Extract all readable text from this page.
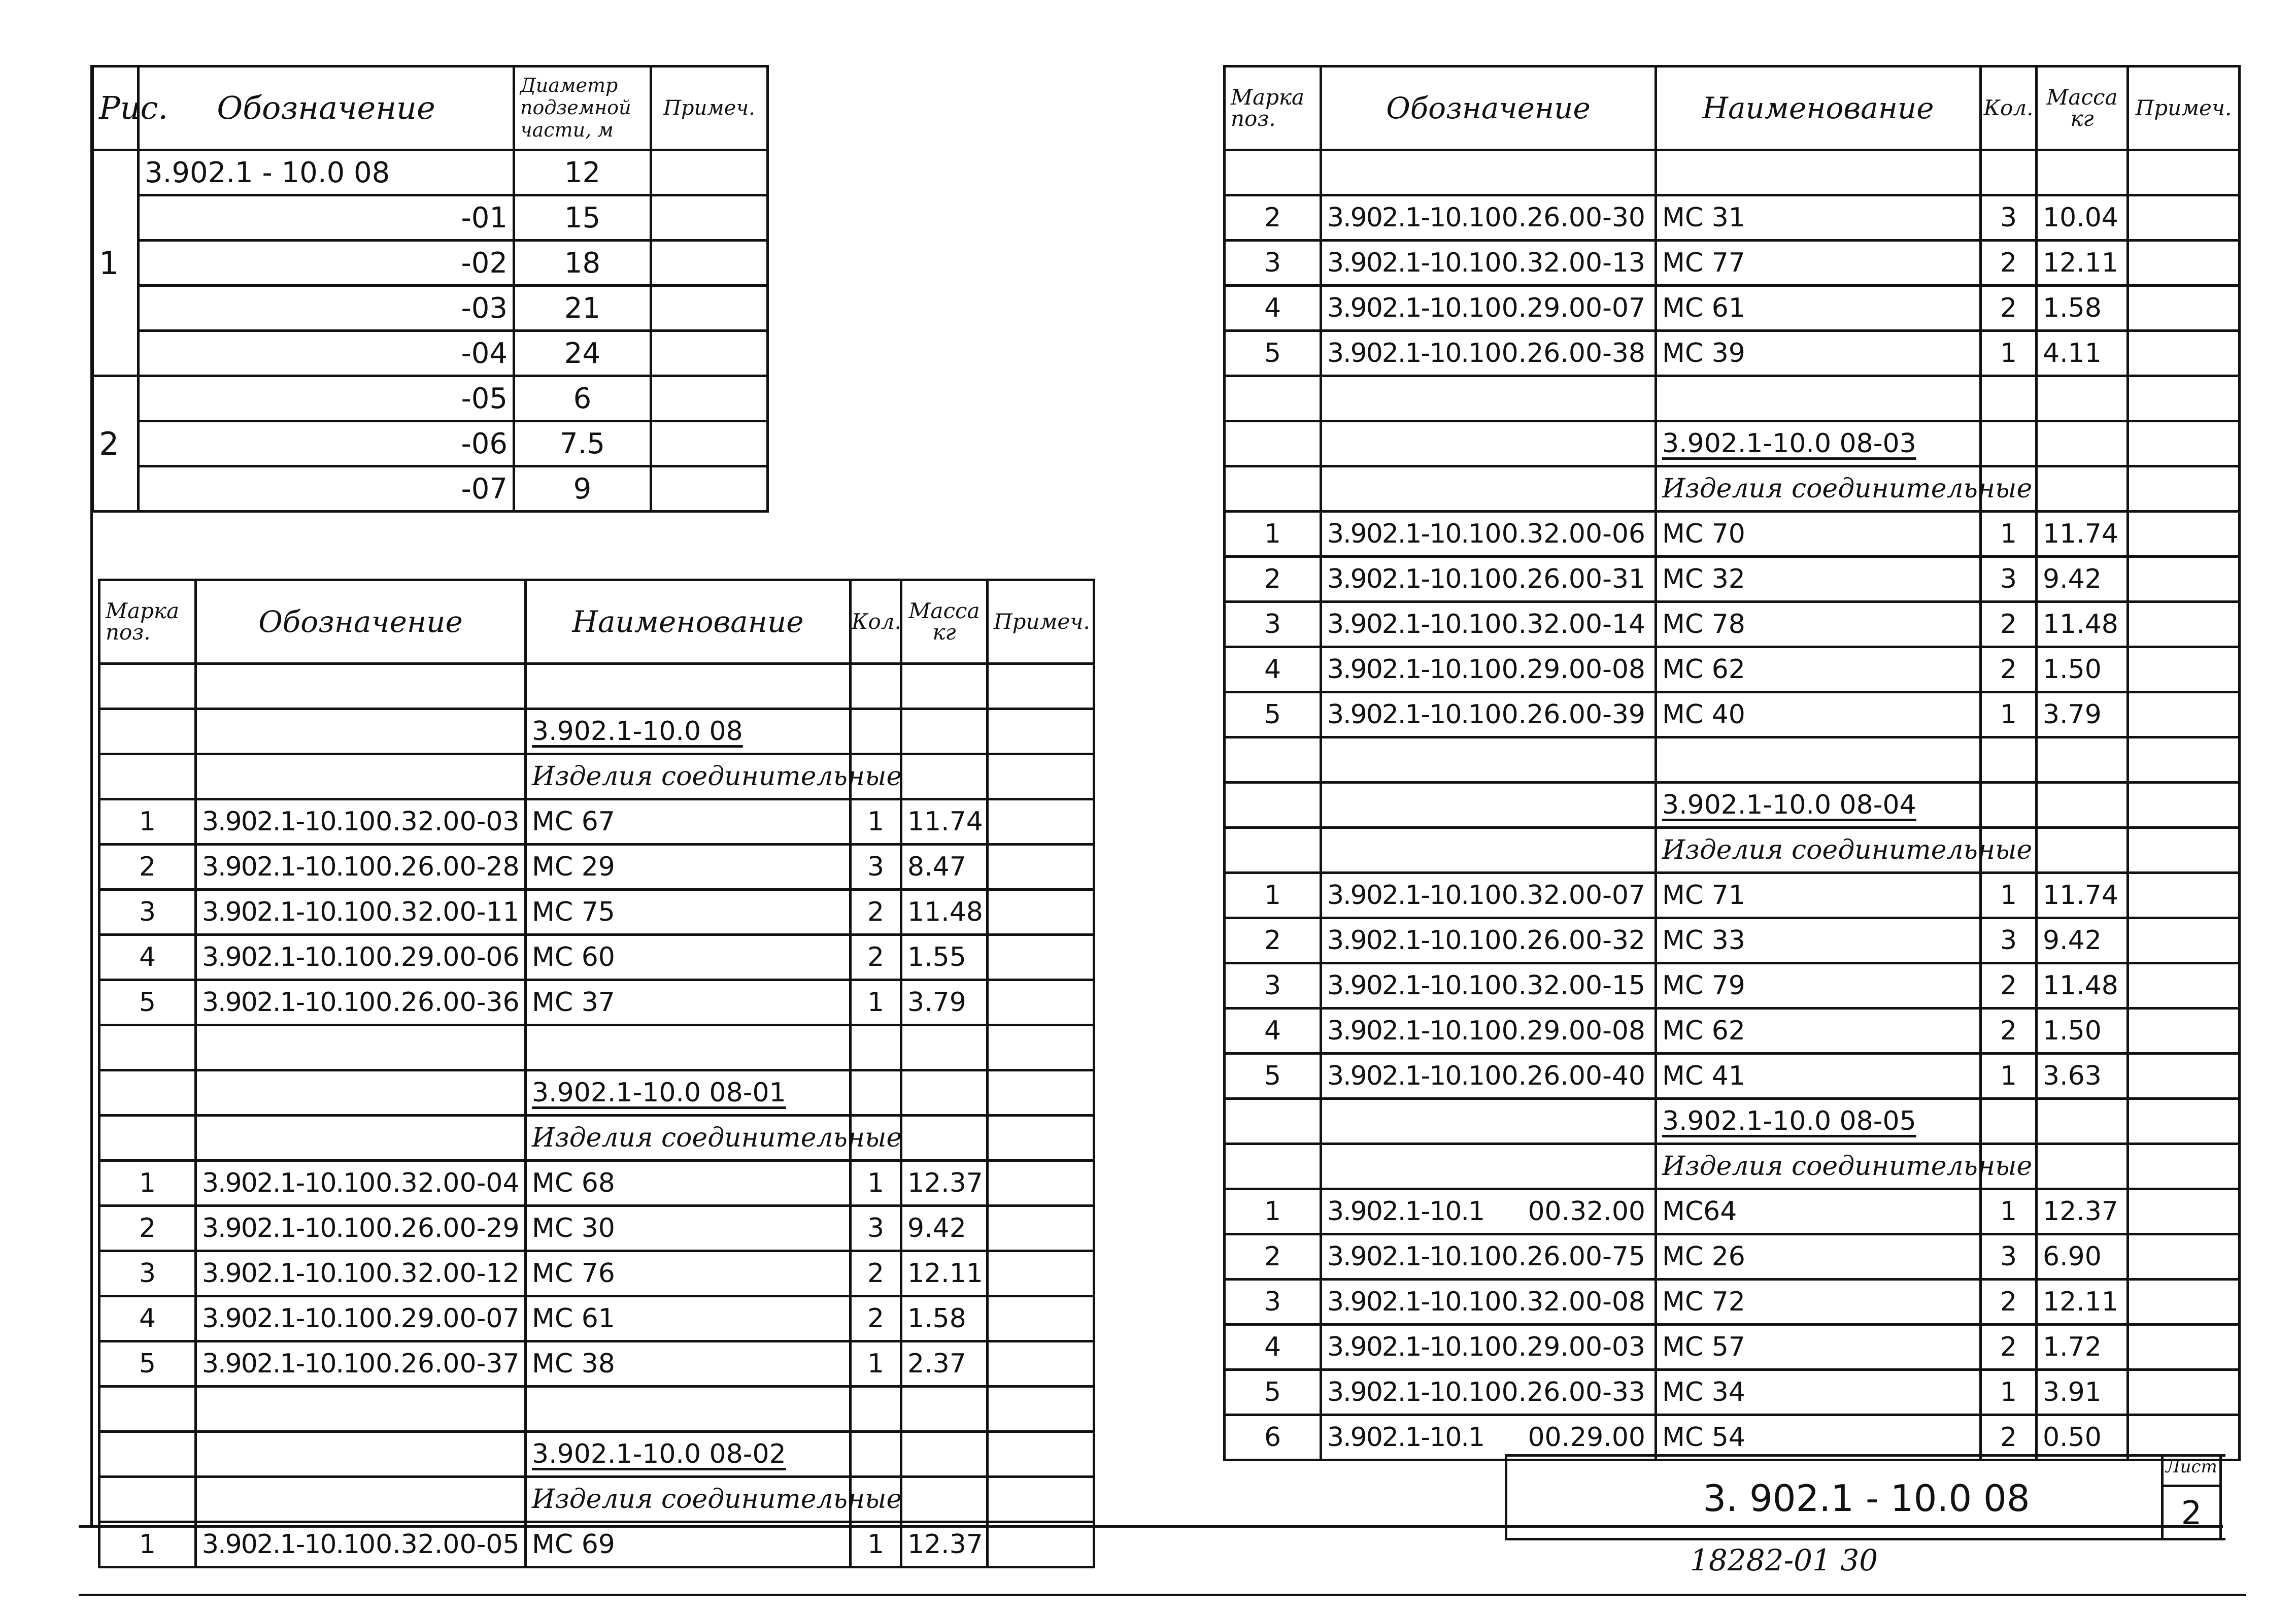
Рис.	Обозначение	Диаметр подземной части, м	Примеч.
1	3.902.1 - 10.0 08	12	
	-01	15	
	-02	18	
	-03	21	
	-04	24	
2	-05	6	
	-06	7.5	
	-07	9	
Марка поз.	Обозначение	Наименование	Кол.	Масса кг	Примеч.

		3.902.1-10.0 08			
		Изделия соединительные			
1	3.902.1-10.1 00.32.00-03	МС 67	1	11.74	
2	3.902.1-10.1 00.26.00-28	МС 29	3	8.47	
3	3.902.1-10.1 00.32.00-11	МС 75	2	11.48	
4	3.902.1-10.1 00.29.00-06	МС 60	2	1.55	
5	3.902.1-10.1 00.26.00-36	МС 37	1	3.79	

		3.902.1-10.0 08-01			
		Изделия соединительные			
1	3.902.1-10.1 00.32.00-04	МС 68	1	12.37	
2	3.902.1-10.1 00.26.00-29	МС 30	3	9.42	
3	3.902.1-10.1 00.32.00-12	МС 76	2	12.11	
4	3.902.1-10.1 00.29.00-07	МС 61	2	1.58	
5	3.902.1-10.1 00.26.00-37	МС 38	1	2.37	

		3.902.1-10.0 08-02			
		Изделия соединительные			
1	3.902.1-10.1 00.32.00-05	МС 69	1	12.37	
Марка поз.	Обозначение	Наименование	Кол.	Масса кг	Примеч.

2	3.902.1-10.1 00.26.00-30	МС 31	3	10.04	
3	3.902.1-10.1 00.32.00-13	МС 77	2	12.11	
4	3.902.1-10.1 00.29.00-07	МС 61	2	1.58	
5	3.902.1-10.1 00.26.00-38	МС 39	1	4.11	

		3.902.1-10.0 08-03			
		Изделия соединительные			
1	3.902.1-10.1 00.32.00-06	МС 70	1	11.74	
2	3.902.1-10.1 00.26.00-31	МС 32	3	9.42	
3	3.902.1-10.1 00.32.00-14	МС 78	2	11.48	
4	3.902.1-10.1 00.29.00-08	МС 62	2	1.50	
5	3.902.1-10.1 00.26.00-39	МС 40	1	3.79	

		3.902.1-10.0 08-04			
		Изделия соединительные			
1	3.902.1-10.1 00.32.00-07	МС 71	1	11.74	
2	3.902.1-10.1 00.26.00-32	МС 33	3	9.42	
3	3.902.1-10.1 00.32.00-15	МС 79	2	11.48	
4	3.902.1-10.1 00.29.00-08	МС 62	2	1.50	
5	3.902.1-10.1 00.26.00-40	МС 41	1	3.63	
		3.902.1-10.0 08-05			
		Изделия соединительные			
1	3.902.1-10.1 00.32.00	МС64	1	12.37	
2	3.902.1-10.1 00.26.00-75	МС 26	3	6.90	
3	3.902.1-10.1 00.32.00-08	МС 72	2	12.11	
4	3.902.1-10.1 00.29.00-03	МС 57	2	1.72	
5	3.902.1-10.1 00.26.00-33	МС 34	1	3.91	
6	3.902.1-10.1 00.29.00	МС 54	2	0.50	
3. 902.1 - 10.0 08
Лист
2
18282-01 30
